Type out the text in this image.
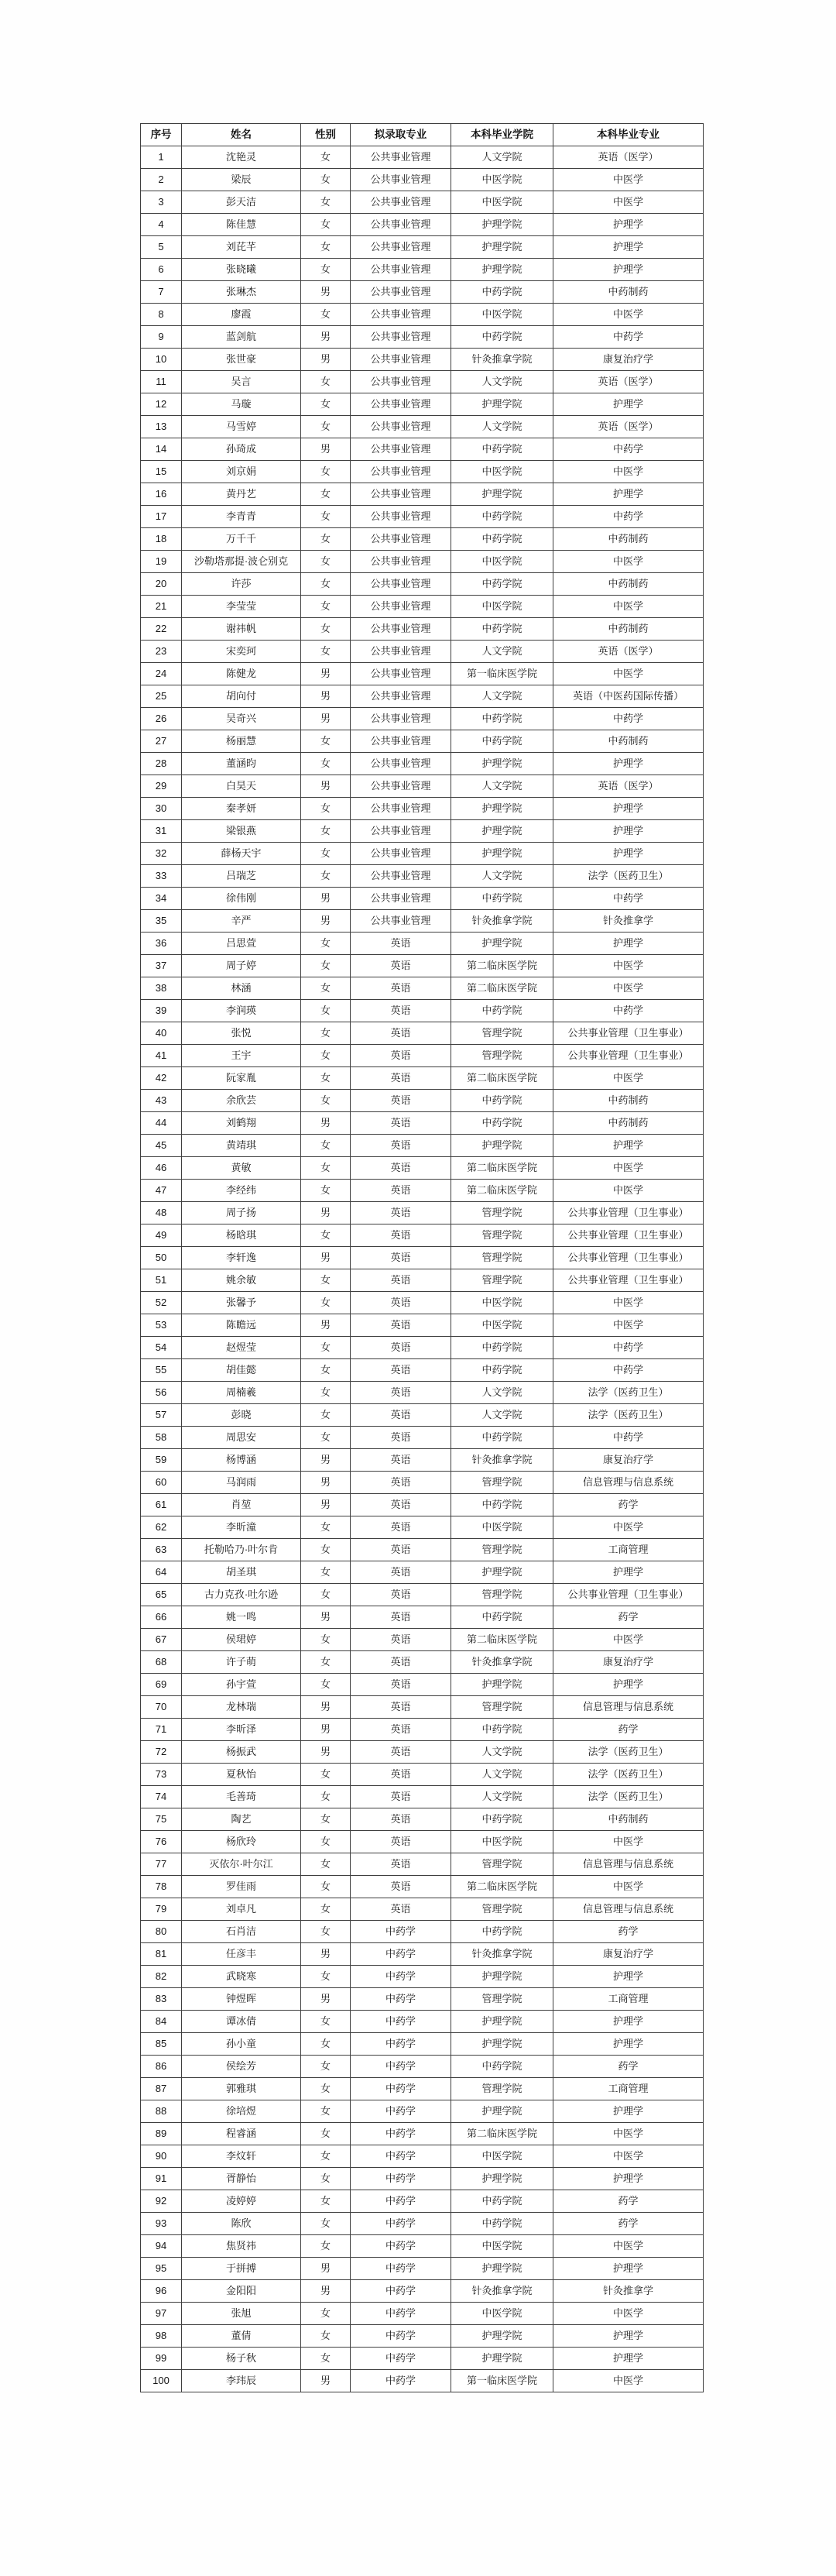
序号	姓名	性别	拟录取专业	本科毕业学院	本科毕业专业
1	沈艳灵	女	公共事业管理	人文学院	英语（医学）
2	梁辰	女	公共事业管理	中医学院	中医学
3	彭天洁	女	公共事业管理	中医学院	中医学
4	陈佳慧	女	公共事业管理	护理学院	护理学
5	刘芘芊	女	公共事业管理	护理学院	护理学
6	张晓曦	女	公共事业管理	护理学院	护理学
7	张琳杰	男	公共事业管理	中药学院	中药制药
8	廖霞	女	公共事业管理	中医学院	中医学
9	蓝剑航	男	公共事业管理	中药学院	中药学
10	张世豪	男	公共事业管理	针灸推拿学院	康复治疗学
11	吴言	女	公共事业管理	人文学院	英语（医学）
12	马璇	女	公共事业管理	护理学院	护理学
13	马雪婷	女	公共事业管理	人文学院	英语（医学）
14	孙琦成	男	公共事业管理	中药学院	中药学
15	刘京娟	女	公共事业管理	中医学院	中医学
16	黄丹艺	女	公共事业管理	护理学院	护理学
17	李青青	女	公共事业管理	中药学院	中药学
18	万千千	女	公共事业管理	中药学院	中药制药
19	沙勒塔那提·波仑别克	女	公共事业管理	中医学院	中医学
20	许莎	女	公共事业管理	中药学院	中药制药
21	李莹莹	女	公共事业管理	中医学院	中医学
22	谢祎帆	女	公共事业管理	中药学院	中药制药
23	宋奕珂	女	公共事业管理	人文学院	英语（医学）
24	陈健龙	男	公共事业管理	第一临床医学院	中医学
25	胡向付	男	公共事业管理	人文学院	英语（中医药国际传播）
26	吴奇兴	男	公共事业管理	中药学院	中药学
27	杨丽慧	女	公共事业管理	中药学院	中药制药
28	董涵昀	女	公共事业管理	护理学院	护理学
29	白昊天	男	公共事业管理	人文学院	英语（医学）
30	秦孝妍	女	公共事业管理	护理学院	护理学
31	梁银燕	女	公共事业管理	护理学院	护理学
32	薛杨天宇	女	公共事业管理	护理学院	护理学
33	吕瑞芝	女	公共事业管理	人文学院	法学（医药卫生）
34	徐伟刚	男	公共事业管理	中药学院	中药学
35	辛严	男	公共事业管理	针灸推拿学院	针灸推拿学
36	吕思萱	女	英语	护理学院	护理学
37	周子婷	女	英语	第二临床医学院	中医学
38	林涵	女	英语	第二临床医学院	中医学
39	李润瑛	女	英语	中药学院	中药学
40	张悦	女	英语	管理学院	公共事业管理（卫生事业）
41	王宇	女	英语	管理学院	公共事业管理（卫生事业）
42	阮家胤	女	英语	第二临床医学院	中医学
43	余欣芸	女	英语	中药学院	中药制药
44	刘鹤翔	男	英语	中药学院	中药制药
45	黄靖琪	女	英语	护理学院	护理学
46	黄敏	女	英语	第二临床医学院	中医学
47	李经纬	女	英语	第二临床医学院	中医学
48	周子扬	男	英语	管理学院	公共事业管理（卫生事业）
49	杨晗琪	女	英语	管理学院	公共事业管理（卫生事业）
50	李轩逸	男	英语	管理学院	公共事业管理（卫生事业）
51	姚余敏	女	英语	管理学院	公共事业管理（卫生事业）
52	张馨予	女	英语	中医学院	中医学
53	陈瞻远	男	英语	中医学院	中医学
54	赵煜莹	女	英语	中药学院	中药学
55	胡佳懿	女	英语	中药学院	中药学
56	周楠羲	女	英语	人文学院	法学（医药卫生）
57	彭晓	女	英语	人文学院	法学（医药卫生）
58	周思安	女	英语	中药学院	中药学
59	杨博涵	男	英语	针灸推拿学院	康复治疗学
60	马润雨	男	英语	管理学院	信息管理与信息系统
61	肖堃	男	英语	中药学院	药学
62	李昕潼	女	英语	中医学院	中医学
63	托勒哈乃·叶尔肯	女	英语	管理学院	工商管理
64	胡圣琪	女	英语	护理学院	护理学
65	古力克孜·吐尔逊	女	英语	管理学院	公共事业管理（卫生事业）
66	姚一鸣	男	英语	中药学院	药学
67	侯珺婷	女	英语	第二临床医学院	中医学
68	许子萌	女	英语	针灸推拿学院	康复治疗学
69	孙宇萱	女	英语	护理学院	护理学
70	龙林瑞	男	英语	管理学院	信息管理与信息系统
71	李昕泽	男	英语	中药学院	药学
72	杨振武	男	英语	人文学院	法学（医药卫生）
73	夏秋怡	女	英语	人文学院	法学（医药卫生）
74	毛善琦	女	英语	人文学院	法学（医药卫生）
75	陶艺	女	英语	中药学院	中药制药
76	杨欣玲	女	英语	中医学院	中医学
77	灭依尔·叶尔江	女	英语	管理学院	信息管理与信息系统
78	罗佳雨	女	英语	第二临床医学院	中医学
79	刘卓凡	女	英语	管理学院	信息管理与信息系统
80	石肖洁	女	中药学	中药学院	药学
81	任彦丰	男	中药学	针灸推拿学院	康复治疗学
82	武晓寒	女	中药学	护理学院	护理学
83	钟煜晖	男	中药学	管理学院	工商管理
84	谭冰倩	女	中药学	护理学院	护理学
85	孙小童	女	中药学	护理学院	护理学
86	侯绘芳	女	中药学	中药学院	药学
87	郭雅琪	女	中药学	管理学院	工商管理
88	徐培煜	女	中药学	护理学院	护理学
89	程睿涵	女	中药学	第二临床医学院	中医学
90	李炆轩	女	中药学	中医学院	中医学
91	胥静怡	女	中药学	护理学院	护理学
92	凌婷婷	女	中药学	中药学院	药学
93	陈欣	女	中药学	中药学院	药学
94	焦贤祎	女	中药学	中医学院	中医学
95	于拼搏	男	中药学	护理学院	护理学
96	金阳阳	男	中药学	针灸推拿学院	针灸推拿学
97	张旭	女	中药学	中医学院	中医学
98	董倩	女	中药学	护理学院	护理学
99	杨子秋	女	中药学	护理学院	护理学
100	李玮辰	男	中药学	第一临床医学院	中医学
